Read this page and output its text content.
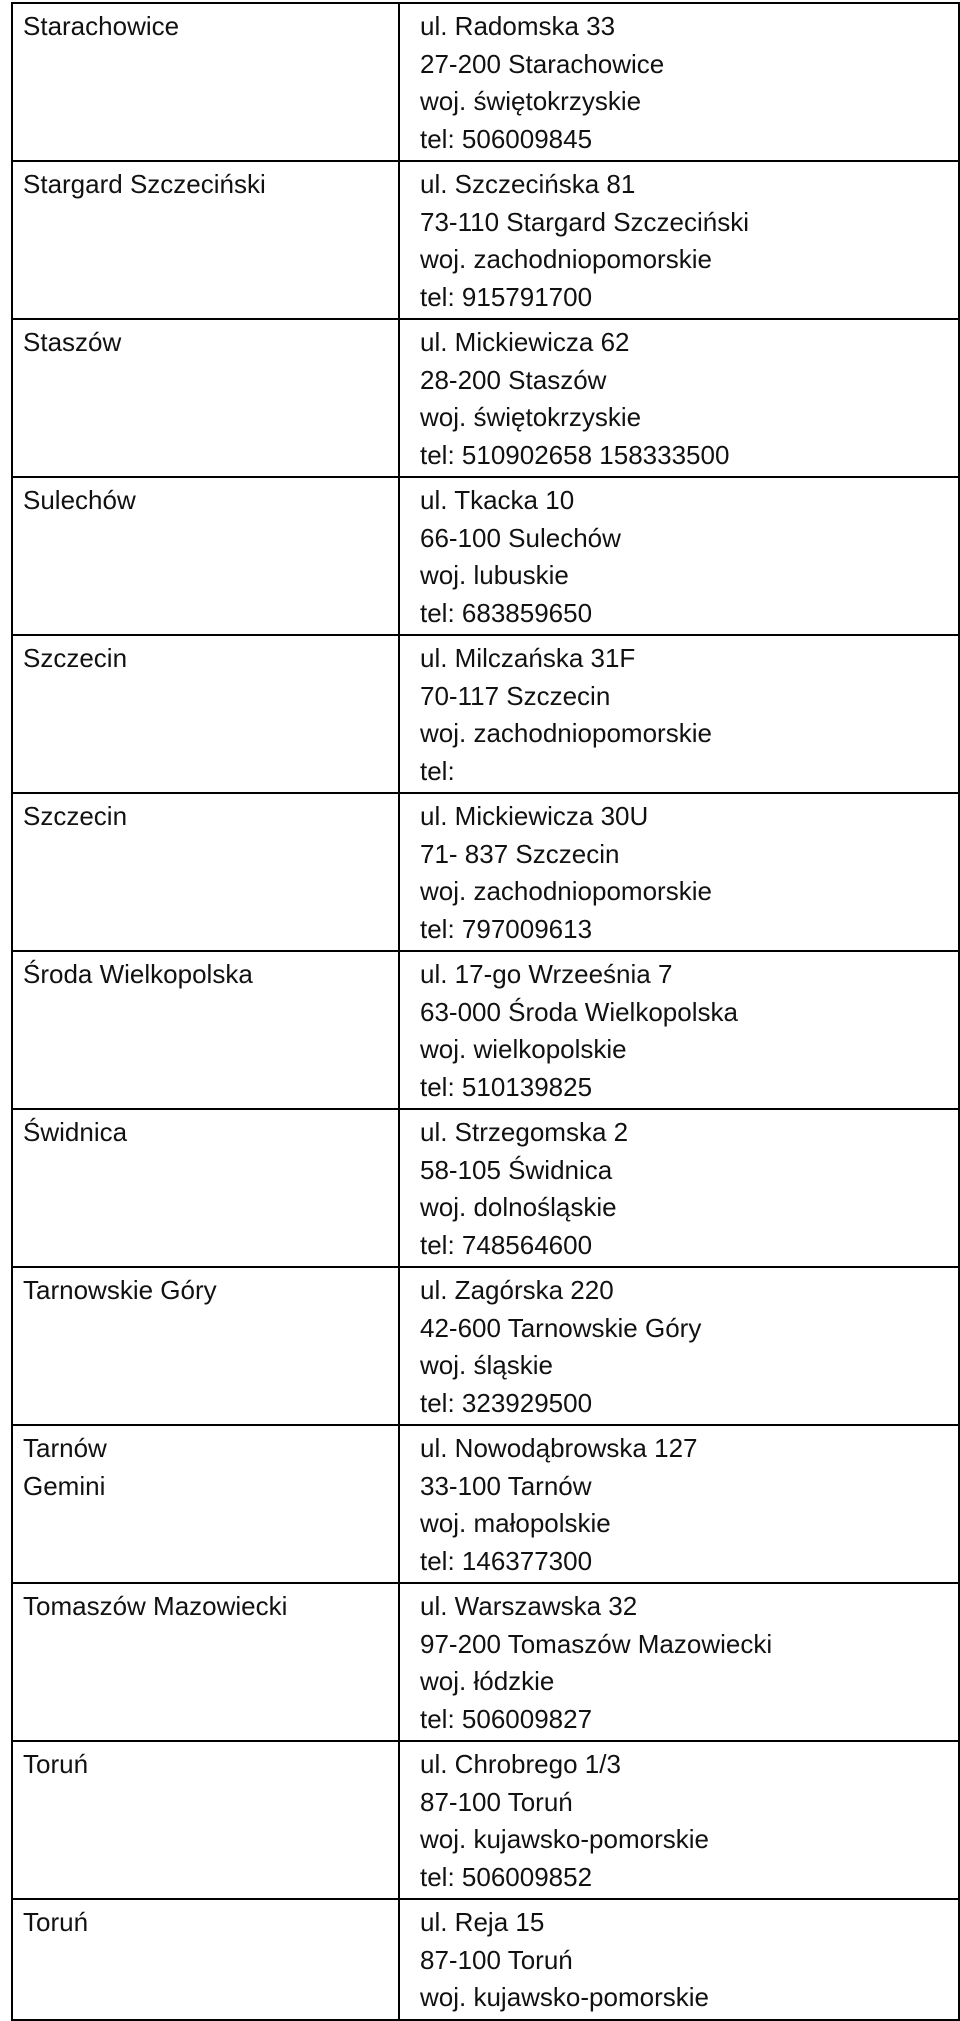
Starachowice	ul. Radomska 33
27-200 Starachowice
woj. świętokrzyskie
tel: 506009845

Stargard Szczeciński	ul. Szczecińska 81
73-110 Stargard Szczeciński
woj. zachodniopomorskie
tel: 915791700

Staszów	ul. Mickiewicza 62
28-200 Staszów
woj. świętokrzyskie
tel: 510902658 158333500

Sulechów	ul. Tkacka 10
66-100 Sulechów
woj. lubuskie
tel: 683859650

Szczecin	ul. Milczańska 31F
70-117 Szczecin
woj. zachodniopomorskie
tel:

Szczecin	ul. Mickiewicza 30U
71- 837 Szczecin
woj. zachodniopomorskie
tel: 797009613

Środa Wielkopolska	ul. 17-go Wrzeeśnia 7
63-000 Środa Wielkopolska
woj. wielkopolskie
tel: 510139825

Świdnica	ul. Strzegomska 2
58-105 Świdnica
woj. dolnośląskie
tel: 748564600

Tarnowskie Góry	ul. Zagórska 220
42-600 Tarnowskie Góry
woj. śląskie
tel: 323929500

Tarnów
Gemini	ul. Nowodąbrowska 127
33-100 Tarnów
woj. małopolskie
tel: 146377300

Tomaszów Mazowiecki	ul. Warszawska 32
97-200 Tomaszów Mazowiecki
woj. łódzkie
tel: 506009827

Toruń	ul. Chrobrego 1/3
87-100 Toruń
woj. kujawsko-pomorskie
tel: 506009852

Toruń	ul. Reja 15
87-100 Toruń
woj. kujawsko-pomorskie
